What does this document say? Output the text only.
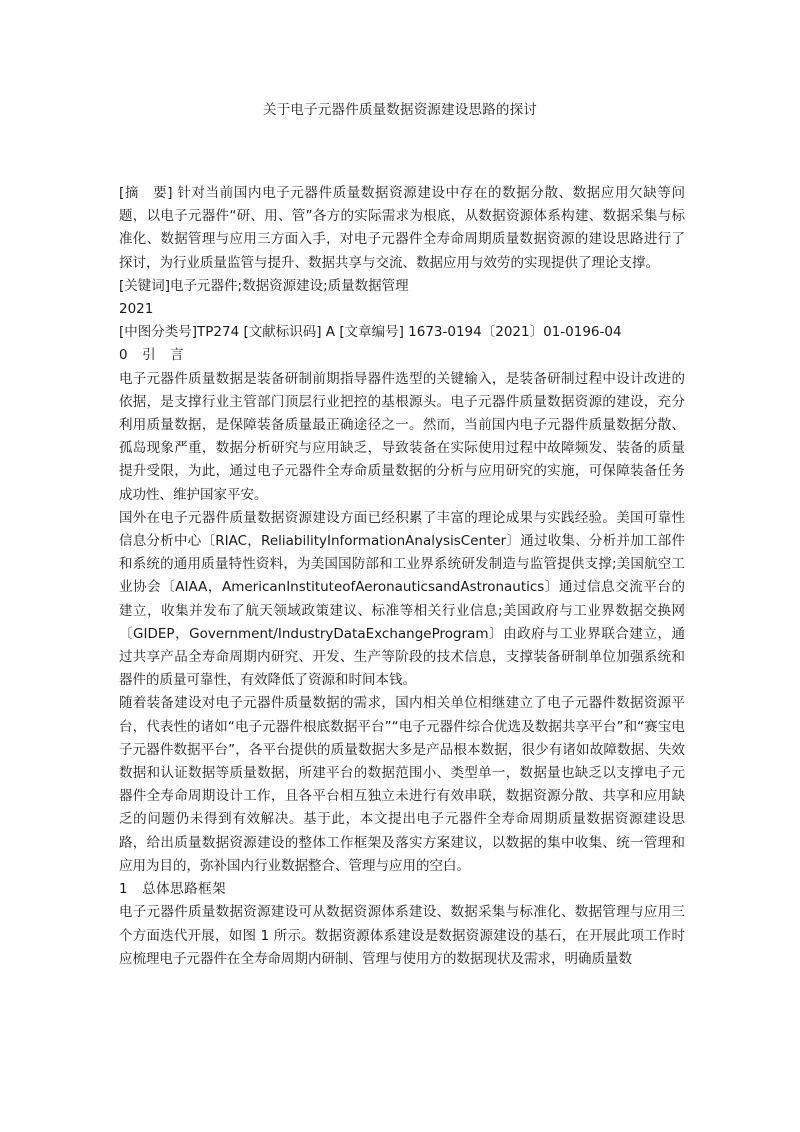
关于电子元器件质量数据资源建设思路的探讨

[摘　要] 针对当前国内电子元器件质量数据资源建设中存在的数据分散、数据应用欠缺等问题，以电子元器件“研、用、管”各方的实际需求为根底，从数据资源体系构建、数据采集与标准化、数据管理与应用三方面入手，对电子元器件全寿命周期质量数据资源的建设思路进行了探讨，为行业质量监管与提升、数据共享与交流、数据应用与效劳的实现提供了理论支撑。

[关键词]电子元器件;数据资源建设;质量数据管理

2021

[中图分类号]TP274 [文献标识码] A [文章编号] 1673-0194〔2021〕01-0196-04

0　引　言

电子元器件质量数据是装备研制前期指导器件选型的关键输入，是装备研制过程中设计改进的依据，是支撑行业主管部门顶层行业把控的基根源头。电子元器件质量数据资源的建设，充分利用质量数据，是保障装备质量最正确途径之一。然而，当前国内电子元器件质量数据分散、孤岛现象严重，数据分析研究与应用缺乏，导致装备在实际使用过程中故障频发、装备的质量提升受限，为此，通过电子元器件全寿命质量数据的分析与应用研究的实施，可保障装备任务成功性、维护国家平安。

国外在电子元器件质量数据资源建设方面已经积累了丰富的理论成果与实践经验。美国可靠性信息分析中心〔RIAC，ReliabilityInformationAnalysisCenter〕通过收集、分析并加工部件和系统的通用质量特性资料，为美国国防部和工业界系统研发制造与监管提供支撑;美国航空工业协会〔AIAA，AmericanInstituteofAeronauticsandAstronautics〕通过信息交流平台的建立，收集并发布了航天领域政策建议、标准等相关行业信息;美国政府与工业界数据交换网〔GIDEP，Government/IndustryDataExchangeProgram〕由政府与工业界联合建立，通过共享产品全寿命周期内研究、开发、生产等阶段的技术信息，支撑装备研制单位加强系统和器件的质量可靠性，有效降低了资源和时间本钱。

随着装备建设对电子元器件质量数据的需求，国内相关单位相继建立了电子元器件数据资源平台，代表性的诸如“电子元器件根底数据平台”“电子元器件综合优选及数据共享平台”和“赛宝电子元器件数据平台”，各平台提供的质量数据大多是产品根本数据，很少有诸如故障数据、失效数据和认证数据等质量数据，所建平台的数据范围小、类型单一，数据量也缺乏以支撑电子元器件全寿命周期设计工作，且各平台相互独立未进行有效串联，数据资源分散、共享和应用缺乏的问题仍未得到有效解决。基于此，本文提出电子元器件全寿命周期质量数据资源建设思路，给出质量数据资源建设的整体工作框架及落实方案建议，以数据的集中收集、统一管理和应用为目的，弥补国内行业数据整合、管理与应用的空白。

1　总体思路框架

电子元器件质量数据资源建设可从数据资源体系建设、数据采集与标准化、数据管理与应用三个方面迭代开展，如图 1 所示。数据资源体系建设是数据资源建设的基石，在开展此项工作时应梳理电子元器件在全寿命周期内研制、管理与使用方的数据现状及需求，明确质量数
